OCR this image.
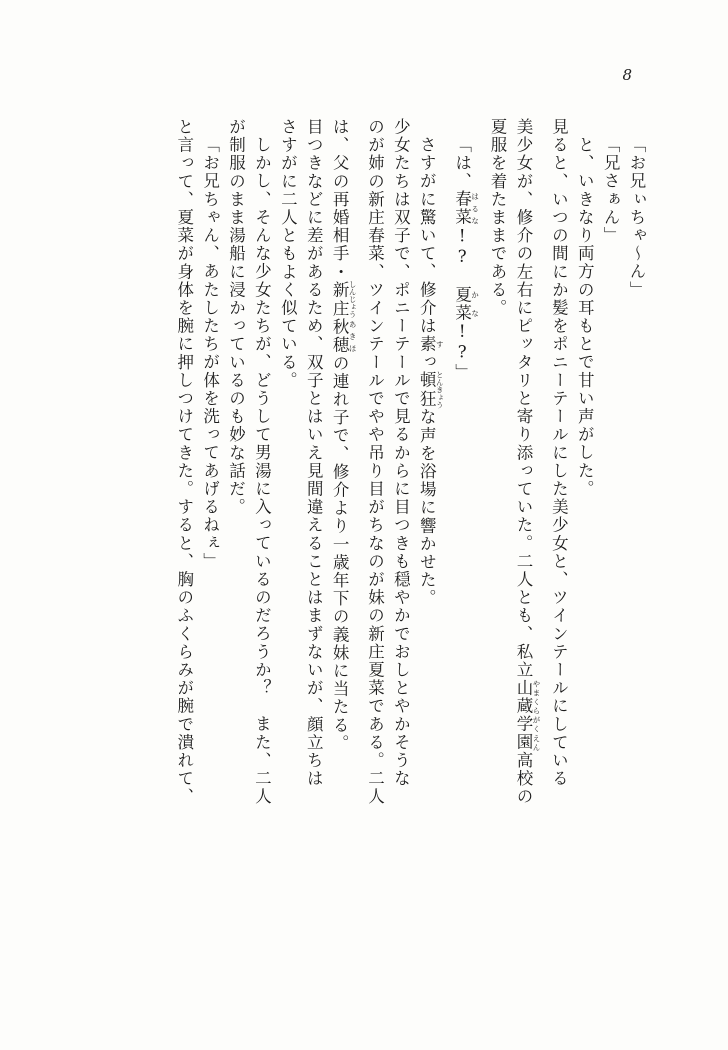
8
「お兄ぃちゃ～ん」
「兄さぁん」
と、いきなり両方の耳もとで甘い声がした。
見ると、いつの間にか髪をポニーテールにした美少女と、ツインテールにしている
美少女が、修介の左右にピッタリと寄り添っていた。二人とも、私立山蔵 やまくら学園 がくえん高校の
夏服を着たままである。
「は、春菜 はるな!?　夏菜 かな!?」
さすがに驚いて、修介は素 すっ頓狂 とんきょうな声を浴場に響かせた。
少女たちは双子で、ポニーテールで見るからに目つきも穏やかでおしとやかそうな
のが姉の新庄春菜、ツインテールでやや吊り目がちなのが妹の新庄夏菜である。二人
は、父の再婚相手・新庄 しんじょう秋穂 あきほの連れ子で、修介より一歳年下の義妹に当たる。
目つきなどに差があるため、双子とはいえ見間違えることはまずないが、顔立ちは
さすがに二人ともよく似ている。
しかし、そんな少女たちが、どうして男湯に入っているのだろうか？　また、二人
が制服のまま湯船に浸かっているのも妙な話だ。
「お兄ちゃん、あたしたちが体を洗ってあげるねぇ」
と言って、夏菜が身体を腕に押しつけてきた。すると、胸のふくらみが腕で潰れて、
